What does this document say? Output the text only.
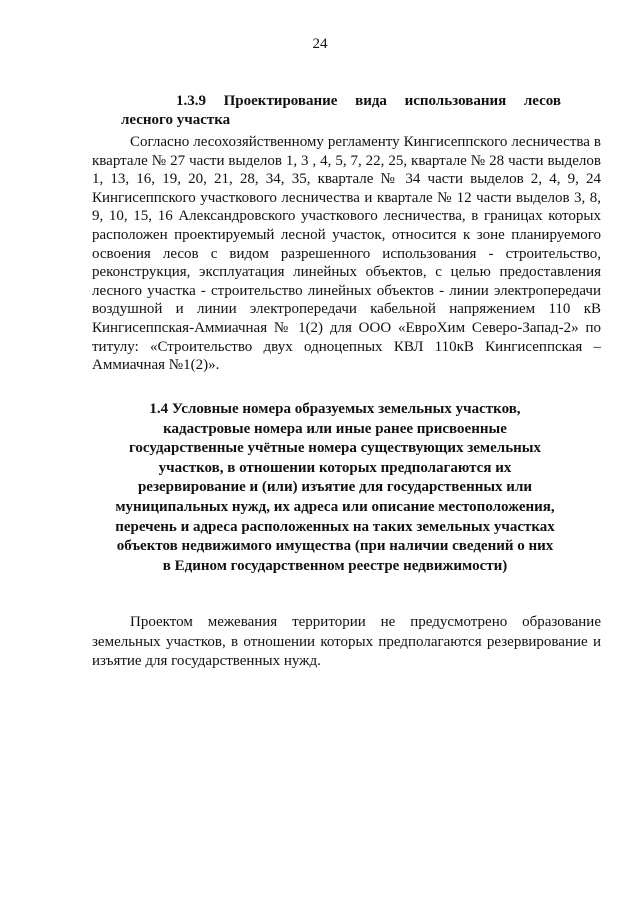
24
1.3.9 Проектирование вида использования лесов
лесного участка

Согласно лесохозяйственному регламенту Кингисеппского лесничества в квартале № 27 части выделов 1, 3 , 4, 5, 7, 22, 25, квартале № 28 части выделов 1, 13, 16, 19, 20, 21, 28, 34, 35, квартале № 34 части выделов 2, 4, 9, 24 Кингисеппского участкового лесничества и квартале № 12 части выделов 3, 8, 9, 10, 15, 16 Александровского участкового лесничества, в границах которых расположен проектируемый лесной участок, относится к зоне планируемого освоения лесов с видом разрешенного использования - строительство, реконструкция, эксплуатация линейных объектов, с целью предоставления лесного участка - строительство линейных объектов - линии электропередачи воздушной и линии электропередачи кабельной напряжением 110 кВ Кингисеппская-Аммиачная № 1(2) для ООО «ЕвроХим Северо-Запад-2» по титулу: «Строительство двух одноцепных КВЛ 110кВ Кингисеппская – Аммиачная №1(2)».

1.4 Условные номера образуемых земельных участков, кадастровые номера или иные ранее присвоенные государственные учётные номера существующих земельных участков, в отношении которых предполагаются их резервирование и (или) изъятие для государственных или муниципальных нужд, их адреса или описание местоположения, перечень и адреса расположенных на таких земельных участках объектов недвижимого имущества (при наличии сведений о них в Едином государственном реестре недвижимости)

Проектом межевания территории не предусмотрено образование земельных участков, в отношении которых предполагаются резервирование и изъятие для государственных нужд.
